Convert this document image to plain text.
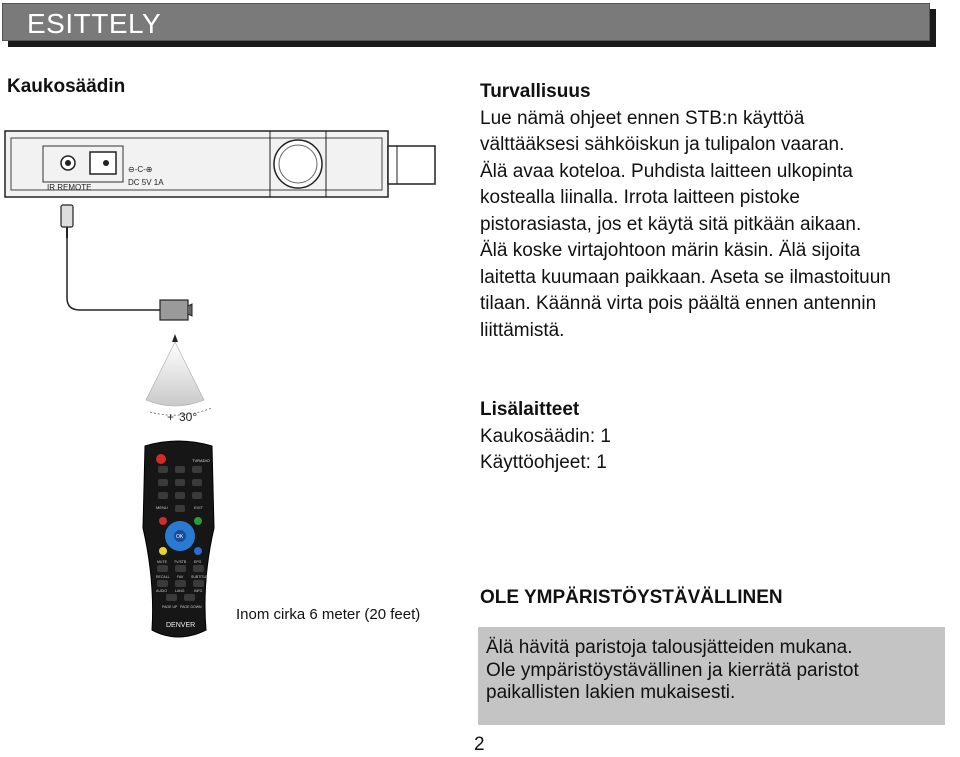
ESITTELY
Kaukosäädin
IR REMOTE
⊖-C-⊕
DC 5V 1A
30°
+
TVRADIO
MENU	EXIT
OK
MUTE TV/STB EPG
RECALL FAV SUBTITLE
AUDIO LANG	INFO
PAGE UP PAGE DOWN
DENVER
Inom cirka 6 meter (20 feet)
Turvallisuus

Lue nämä ohjeet ennen STB:n käyttöä

välttääksesi sähköiskun ja tulipalon vaaran.

Älä avaa koteloa. Puhdista laitteen ulkopinta

kostealla liinalla. Irrota laitteen pistoke

pistorasiasta, jos et käytä sitä pitkään aikaan.

Älä koske virtajohtoon märin käsin. Älä sijoita

laitetta kuumaan paikkaan. Aseta se ilmastoituun

tilaan. Käännä virta pois päältä ennen antennin

liittämistä.

Lisälaitteet

Kaukosäädin: 1

Käyttöohjeet: 1

OLE YMPÄRISTÖYSTÄVÄLLINEN
Älä hävitä paristoja talousjätteiden mukana.
Ole ympäristöystävällinen ja kierrätä paristot
paikallisten lakien mukaisesti.
2
